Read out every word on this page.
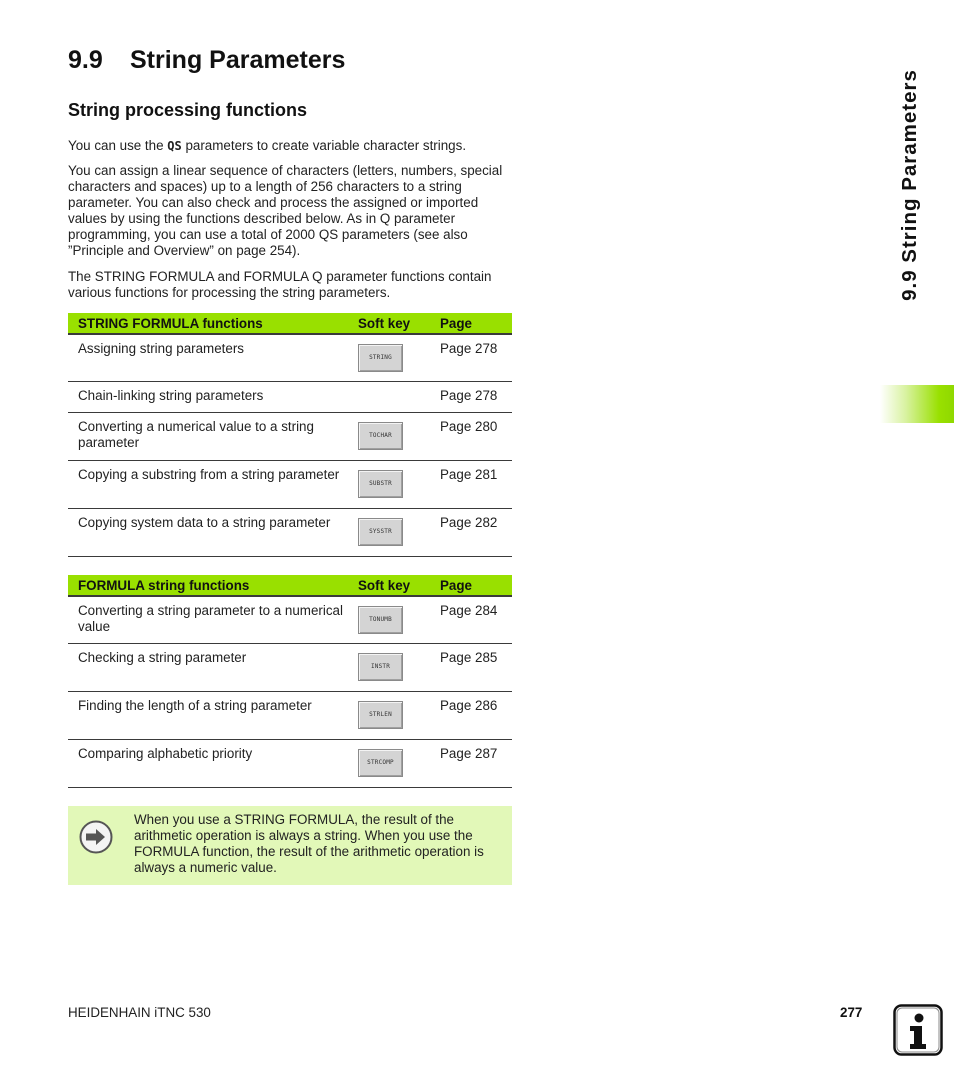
9.9 String Parameters
String processing functions

You can use the QS parameters to create variable character strings.

You can assign a linear sequence of characters (letters, numbers, special characters and spaces) up to a length of 256 characters to a string parameter. You can also check and process the assigned or imported values by using the functions described below. As in Q parameter programming, you can use a total of 2000 QS parameters (see also ”Principle and Overview” on page 254).

The STRING FORMULA and FORMULA Q parameter functions contain various functions for processing the string parameters.

STRING FORMULA functions	Soft key	Page
Assigning string parameters	STRING	Page 278
Chain-linking string parameters		Page 278
Converting a numerical value to a string parameter	TOCHAR	Page 280
Copying a substring from a string parameter	SUBSTR	Page 281
Copying system data to a string parameter	SYSSTR	Page 282
FORMULA string functions	Soft key	Page
Converting a string parameter to a numerical value	TONUMB	Page 284
Checking a string parameter	INSTR	Page 285
Finding the length of a string parameter	STRLEN	Page 286
Comparing alphabetic priority	STRCOMP	Page 287

When you use a STRING FORMULA, the result of the arithmetic operation is always a string. When you use the FORMULA function, the result of the arithmetic operation is always a numeric value.

9.9 String Parameters
HEIDENHAIN iTNC 530	277
